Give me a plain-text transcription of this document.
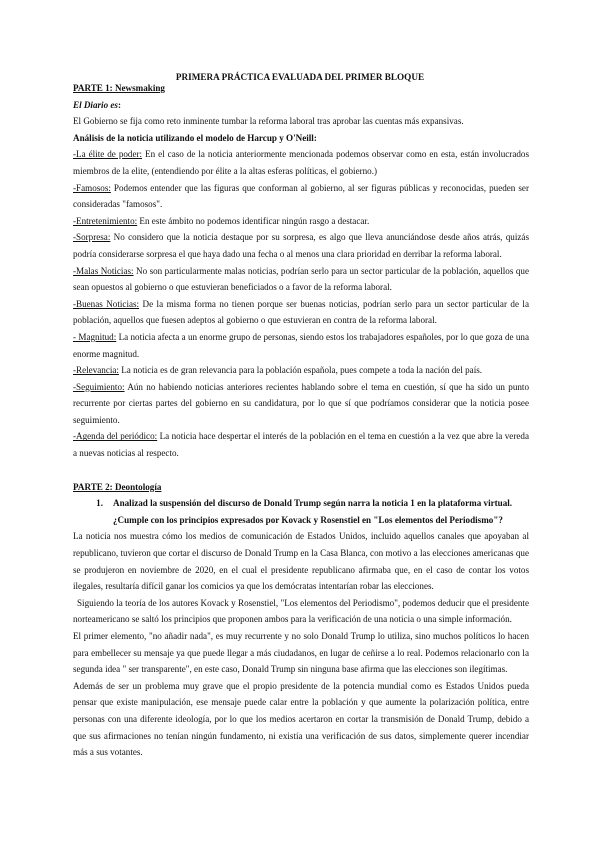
PRIMERA PRÁCTICA EVALUADA DEL PRIMER BLOQUE

PARTE 1: Newsmaking

El Diario es:

El Gobierno se fija como reto inminente tumbar la reforma laboral tras aprobar las cuentas más expansivas.

Análisis de la noticia utilizando el modelo de Harcup y O'Neill:

-La élite de poder: En el caso de la noticia anteriormente mencionada podemos observar como en esta, están involucrados miembros de la elite, (entendiendo por élite a la altas esferas políticas, el gobierno.)

-Famosos: Podemos entender que las figuras que conforman al gobierno, al ser figuras públicas y reconocidas, pueden ser consideradas "famosos".

-Entretenimiento: En este ámbito no podemos identificar ningún rasgo a destacar.

-Sorpresa: No considero que la noticia destaque por su sorpresa, es algo que lleva anunciándose desde años atrás, quizás podría considerarse sorpresa el que haya dado una fecha o al menos una clara prioridad en derribar la reforma laboral.

-Malas Noticias: No son particularmente malas noticias, podrían serlo para un sector particular de la población, aquellos que sean opuestos al gobierno o que estuvieran beneficiados o a favor de la reforma laboral.

-Buenas Noticias: De la misma forma no tienen porque ser buenas noticias, podrían serlo para un sector particular de la población, aquellos que fuesen adeptos al gobierno o que estuvieran en contra de la reforma laboral.

- Magnitud: La noticia afecta a un enorme grupo de personas, siendo estos los trabajadores españoles, por lo que goza de una enorme magnitud.

-Relevancia: La noticia es de gran relevancia para la población española, pues compete a toda la nación del país.

-Seguimiento: Aún no habiendo noticias anteriores recientes hablando sobre el tema en cuestión, sí que ha sido un punto recurrente por ciertas partes del gobierno en su candidatura, por lo que sí que podríamos considerar que la noticia posee seguimiento.

-Agenda del periódico: La noticia hace despertar el interés de la población en el tema en cuestión a la vez que abre la vereda a nuevas noticias al respecto.

PARTE 2: Deontología

1. Analizad la suspensión del discurso de Donald Trump según narra la noticia 1 en la plataforma virtual.
¿Cumple con los principios expresados por Kovack y Rosenstiel en "Los elementos del Periodismo"?

La noticia nos muestra cómo los medios de comunicación de Estados Unidos, incluido aquellos canales que apoyaban al republicano, tuvieron que cortar el discurso de Donald Trump en la Casa Blanca, con motivo a las elecciones americanas que se produjeron en noviembre de 2020, en el cual el presidente republicano afirmaba que, en el caso de contar los votos ilegales, resultaría difícil ganar los comicios ya que los demócratas intentarían robar las elecciones.

Siguiendo la teoría de los autores Kovack y Rosenstiel, "Los elementos del Periodismo", podemos deducir que el presidente norteamericano se saltó los principios que proponen ambos para la verificación de una noticia o una simple información.

El primer elemento, "no añadir nada", es muy recurrente y no solo Donald Trump lo utiliza, sino muchos políticos lo hacen para embellecer su mensaje ya que puede llegar a más ciudadanos, en lugar de ceñirse a lo real. Podemos relacionarlo con la segunda idea " ser transparente", en este caso, Donald Trump sin ninguna base afirma que las elecciones son ilegítimas.

Además de ser un problema muy grave que el propio presidente de la potencia mundial como es Estados Unidos pueda pensar que existe manipulación, ese mensaje puede calar entre la población y que aumente la polarización política, entre personas con una diferente ideología, por lo que los medios acertaron en cortar la transmisión de Donald Trump, debido a que sus afirmaciones no tenían ningún fundamento, ni existía una verificación de sus datos, simplemente querer incendiar más a sus votantes.
